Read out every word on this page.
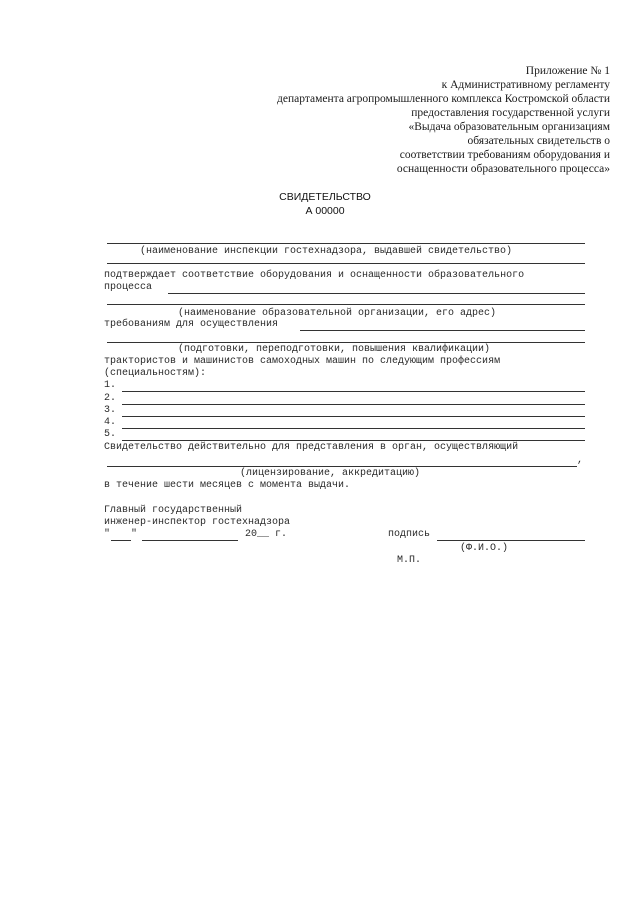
Приложение № 1
к Административному регламенту
департамента агропромышленного комплекса Костромской области
предоставления государственной услуги
«Выдача образовательным организациям
обязательных свидетельств о
соответствии требованиям оборудования и
оснащенности образовательного процесса»
СВИДЕТЕЛЬСТВО
А 00000
(наименование инспекции гостехнадзора, выдавшей свидетельство)
подтверждает соответствие оборудования и оснащенности образовательного
процесса
(наименование образовательной организации, его адрес)
требованиям для осуществления
(подготовки, переподготовки, повышения квалификации)
трактористов и машинистов самоходных машин по следующим профессиям
(специальностям):
1.
2.
3.
4.
5.
Свидетельство действительно для представления в орган, осуществляющий
,
(лицензирование, аккредитацию)
в течение шести месяцев с момента выдачи.
Главный государственный
инженер-инспектор гостехнадзора
" "	20__ г.	подпись
(Ф.И.О.)
М.П.
